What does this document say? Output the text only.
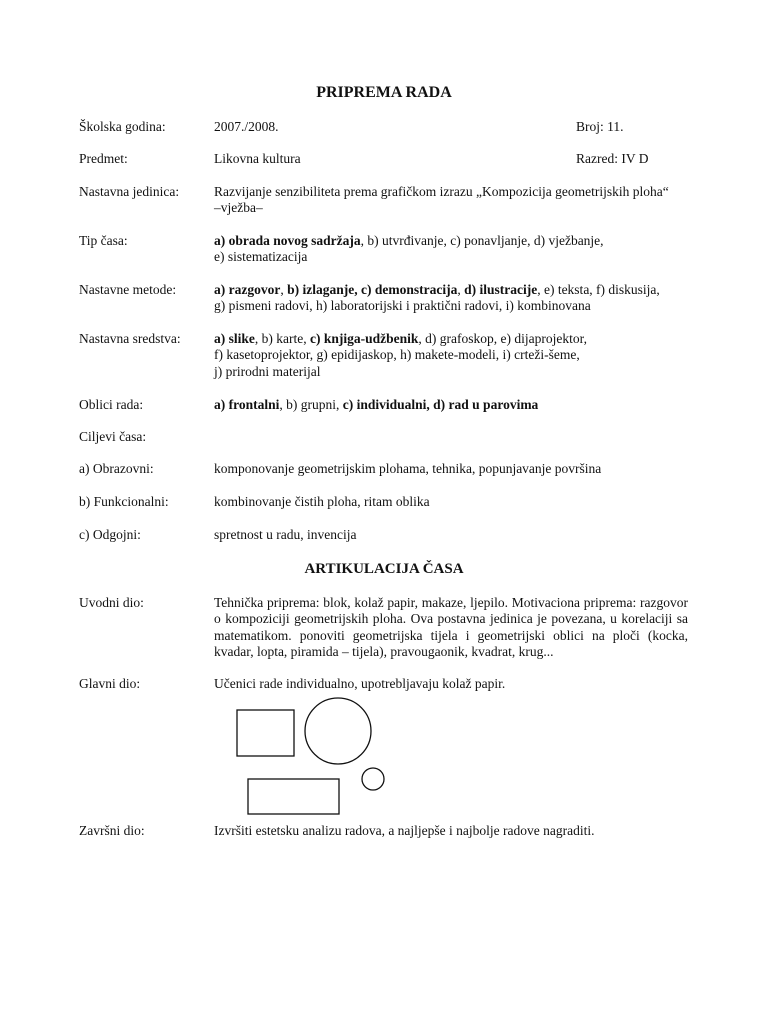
PRIPREMA RADA
Školska godina:	2007./2008.	Broj: 11.
Predmet:	Likovna kultura	Razred: IV D
Nastavna jedinica:	Razvijanje senzibiliteta prema grafičkom izrazu „Kompozicija geometrijskih ploha“
–vježba–
Tip časa:	a) obrada novog sadržaja, b) utvrđivanje, c) ponavljanje, d) vježbanje,
e) sistematizacija
Nastavne metode:	a) razgovor, b) izlaganje, c) demonstracija, d) ilustracije, e) teksta, f) diskusija,
g) pismeni radovi, h) laboratorijski i praktični radovi, i) kombinovana
Nastavna sredstva:	a) slike, b) karte, c) knjiga-udžbenik, d) grafoskop, e) dijaprojektor,
f) kasetoprojektor, g) epidijaskop, h) makete-modeli, i) crteži-šeme,
j) prirodni materijal
Oblici rada:	a) frontalni, b) grupni, c) individualni, d) rad u parovima
Ciljevi časa:
a) Obrazovni:	komponovanje geometrijskim plohama, tehnika, popunjavanje površina
b) Funkcionalni:	kombinovanje čistih ploha, ritam oblika
c) Odgojni:	spretnost u radu, invencija
ARTIKULACIJA ČASA
Uvodni dio:	Tehnička priprema: blok, kolaž papir, makaze, ljepilo. Motivaciona priprema: razgovor o kompoziciji geometrijskih ploha. Ova postavna jedinica je povezana, u korelaciji sa matematikom. ponoviti geometrijska tijela i geometrijski oblici na ploči (kocka, kvadar, lopta, piramida – tijela), pravougaonik, kvadrat, krug...
Glavni dio:	Učenici rade individualno, upotrebljavaju kolaž papir.
Završni dio:	Izvršiti estetsku analizu radova, a najljepše i najbolje radove nagraditi.
